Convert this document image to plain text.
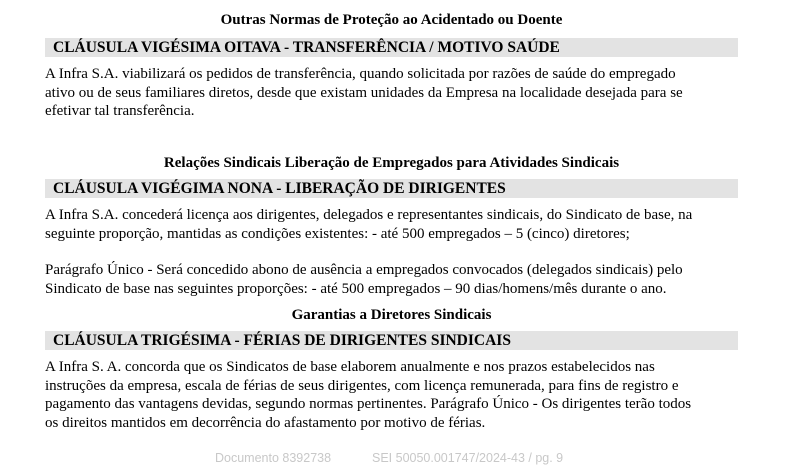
Outras Normas de Proteção ao Acidentado ou Doente
CLÁUSULA VIGÉSIMA OITAVA - TRANSFERÊNCIA / MOTIVO SAÚDE
A Infra S.A. viabilizará os pedidos de transferência, quando solicitada por razões de saúde do empregado
ativo ou de seus familiares diretos, desde que existam unidades da Empresa na localidade desejada para se
efetivar tal transferência.
Relações Sindicais Liberação de Empregados para Atividades Sindicais
CLÁUSULA VIGÉGIMA NONA - LIBERAÇÃO DE DIRIGENTES
A Infra S.A. concederá licença aos dirigentes, delegados e representantes sindicais, do Sindicato de base, na
seguinte proporção, mantidas as condições existentes: - até 500 empregados – 5 (cinco) diretores;
Parágrafo Único - Será concedido abono de ausência a empregados convocados (delegados sindicais) pelo
Sindicato de base nas seguintes proporções: - até 500 empregados – 90 dias/homens/mês durante o ano.
Garantias a Diretores Sindicais
CLÁUSULA TRIGÉSIMA - FÉRIAS DE DIRIGENTES SINDICAIS
A Infra S. A. concorda que os Sindicatos de base elaborem anualmente e nos prazos estabelecidos nas
instruções da empresa, escala de férias de seus dirigentes, com licença remunerada, para fins de registro e
pagamento das vantagens devidas, segundo normas pertinentes. Parágrafo Único - Os dirigentes terão todos
os direitos mantidos em decorrência do afastamento por motivo de férias.
Documento 8392738	SEI 50050.001747/2024-43 / pg. 9
